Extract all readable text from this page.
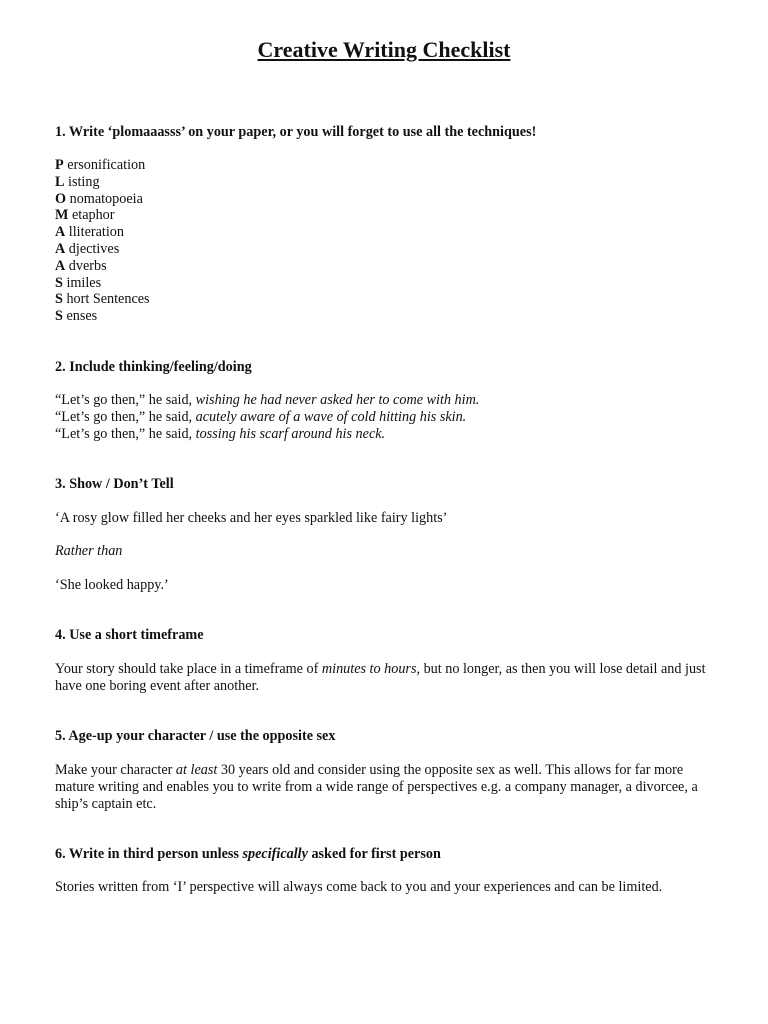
Creative Writing Checklist
1. Write ‘plomaaasss’ on your paper, or you will forget to use all the techniques!
P ersonification
L isting
O nomatopoeia
M etaphor
A lliteration
A djectives
A dverbs
S imiles
S hort Sentences
S enses
2. Include thinking/feeling/doing
“Let’s go then,” he said, wishing he had never asked her to come with him.
“Let’s go then,” he said, acutely aware of a wave of cold hitting his skin.
“Let’s go then,” he said, tossing his scarf around his neck.
3. Show / Don’t Tell
‘A rosy glow filled her cheeks and her eyes sparkled like fairy lights’
Rather than
‘She looked happy.’
4. Use a short timeframe
Your story should take place in a timeframe of minutes to hours, but no longer, as then you will lose detail and just have one boring event after another.
5. Age-up your character / use the opposite sex
Make your character at least 30 years old and consider using the opposite sex as well. This allows for far more mature writing and enables you to write from a wide range of perspectives e.g. a company manager, a divorcee, a ship’s captain etc.
6. Write in third person unless specifically asked for first person
Stories written from ‘I’ perspective will always come back to you and your experiences and can be limited.
